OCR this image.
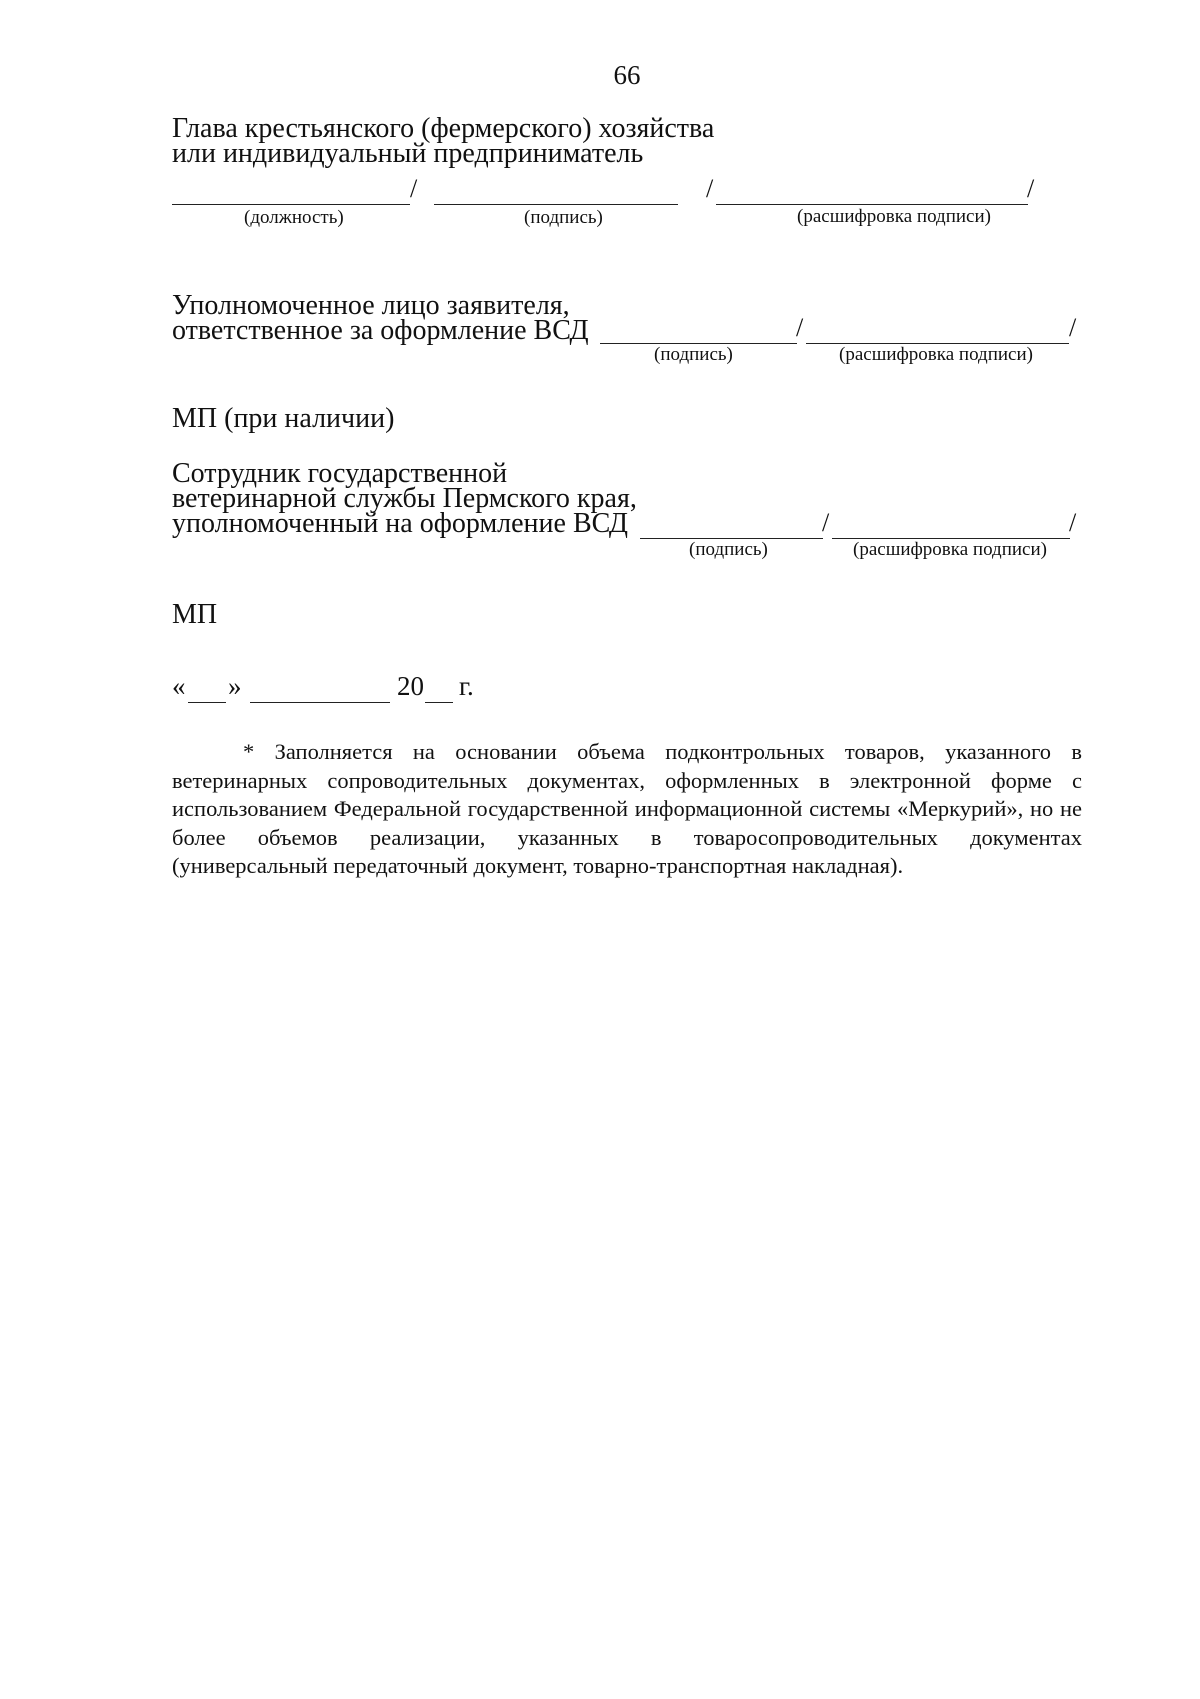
66
Глава крестьянского (фермерского) хозяйства
или индивидуальный предприниматель
/	/	/
(должность)	(подпись)	(расшифровка подписи)
Уполномоченное лицо заявителя,
ответственное за оформление ВСД	/	/
(подпись)	(расшифровка подписи)
МП (при наличии)
Сотрудник государственной
ветеринарной службы Пермского края,
уполномоченный на оформление ВСД	/	/
(подпись)	(расшифровка подписи)
МП
« »	20 г.
* Заполняется на основании объема подконтрольных товаров, указанного в ветеринарных сопроводительных документах, оформленных в электронной форме с использованием Федеральной государственной информационной системы «Меркурий», но не более объемов реализации, указанных в товаросопроводительных документах (универсальный передаточный документ, товарно-транспортная накладная).
